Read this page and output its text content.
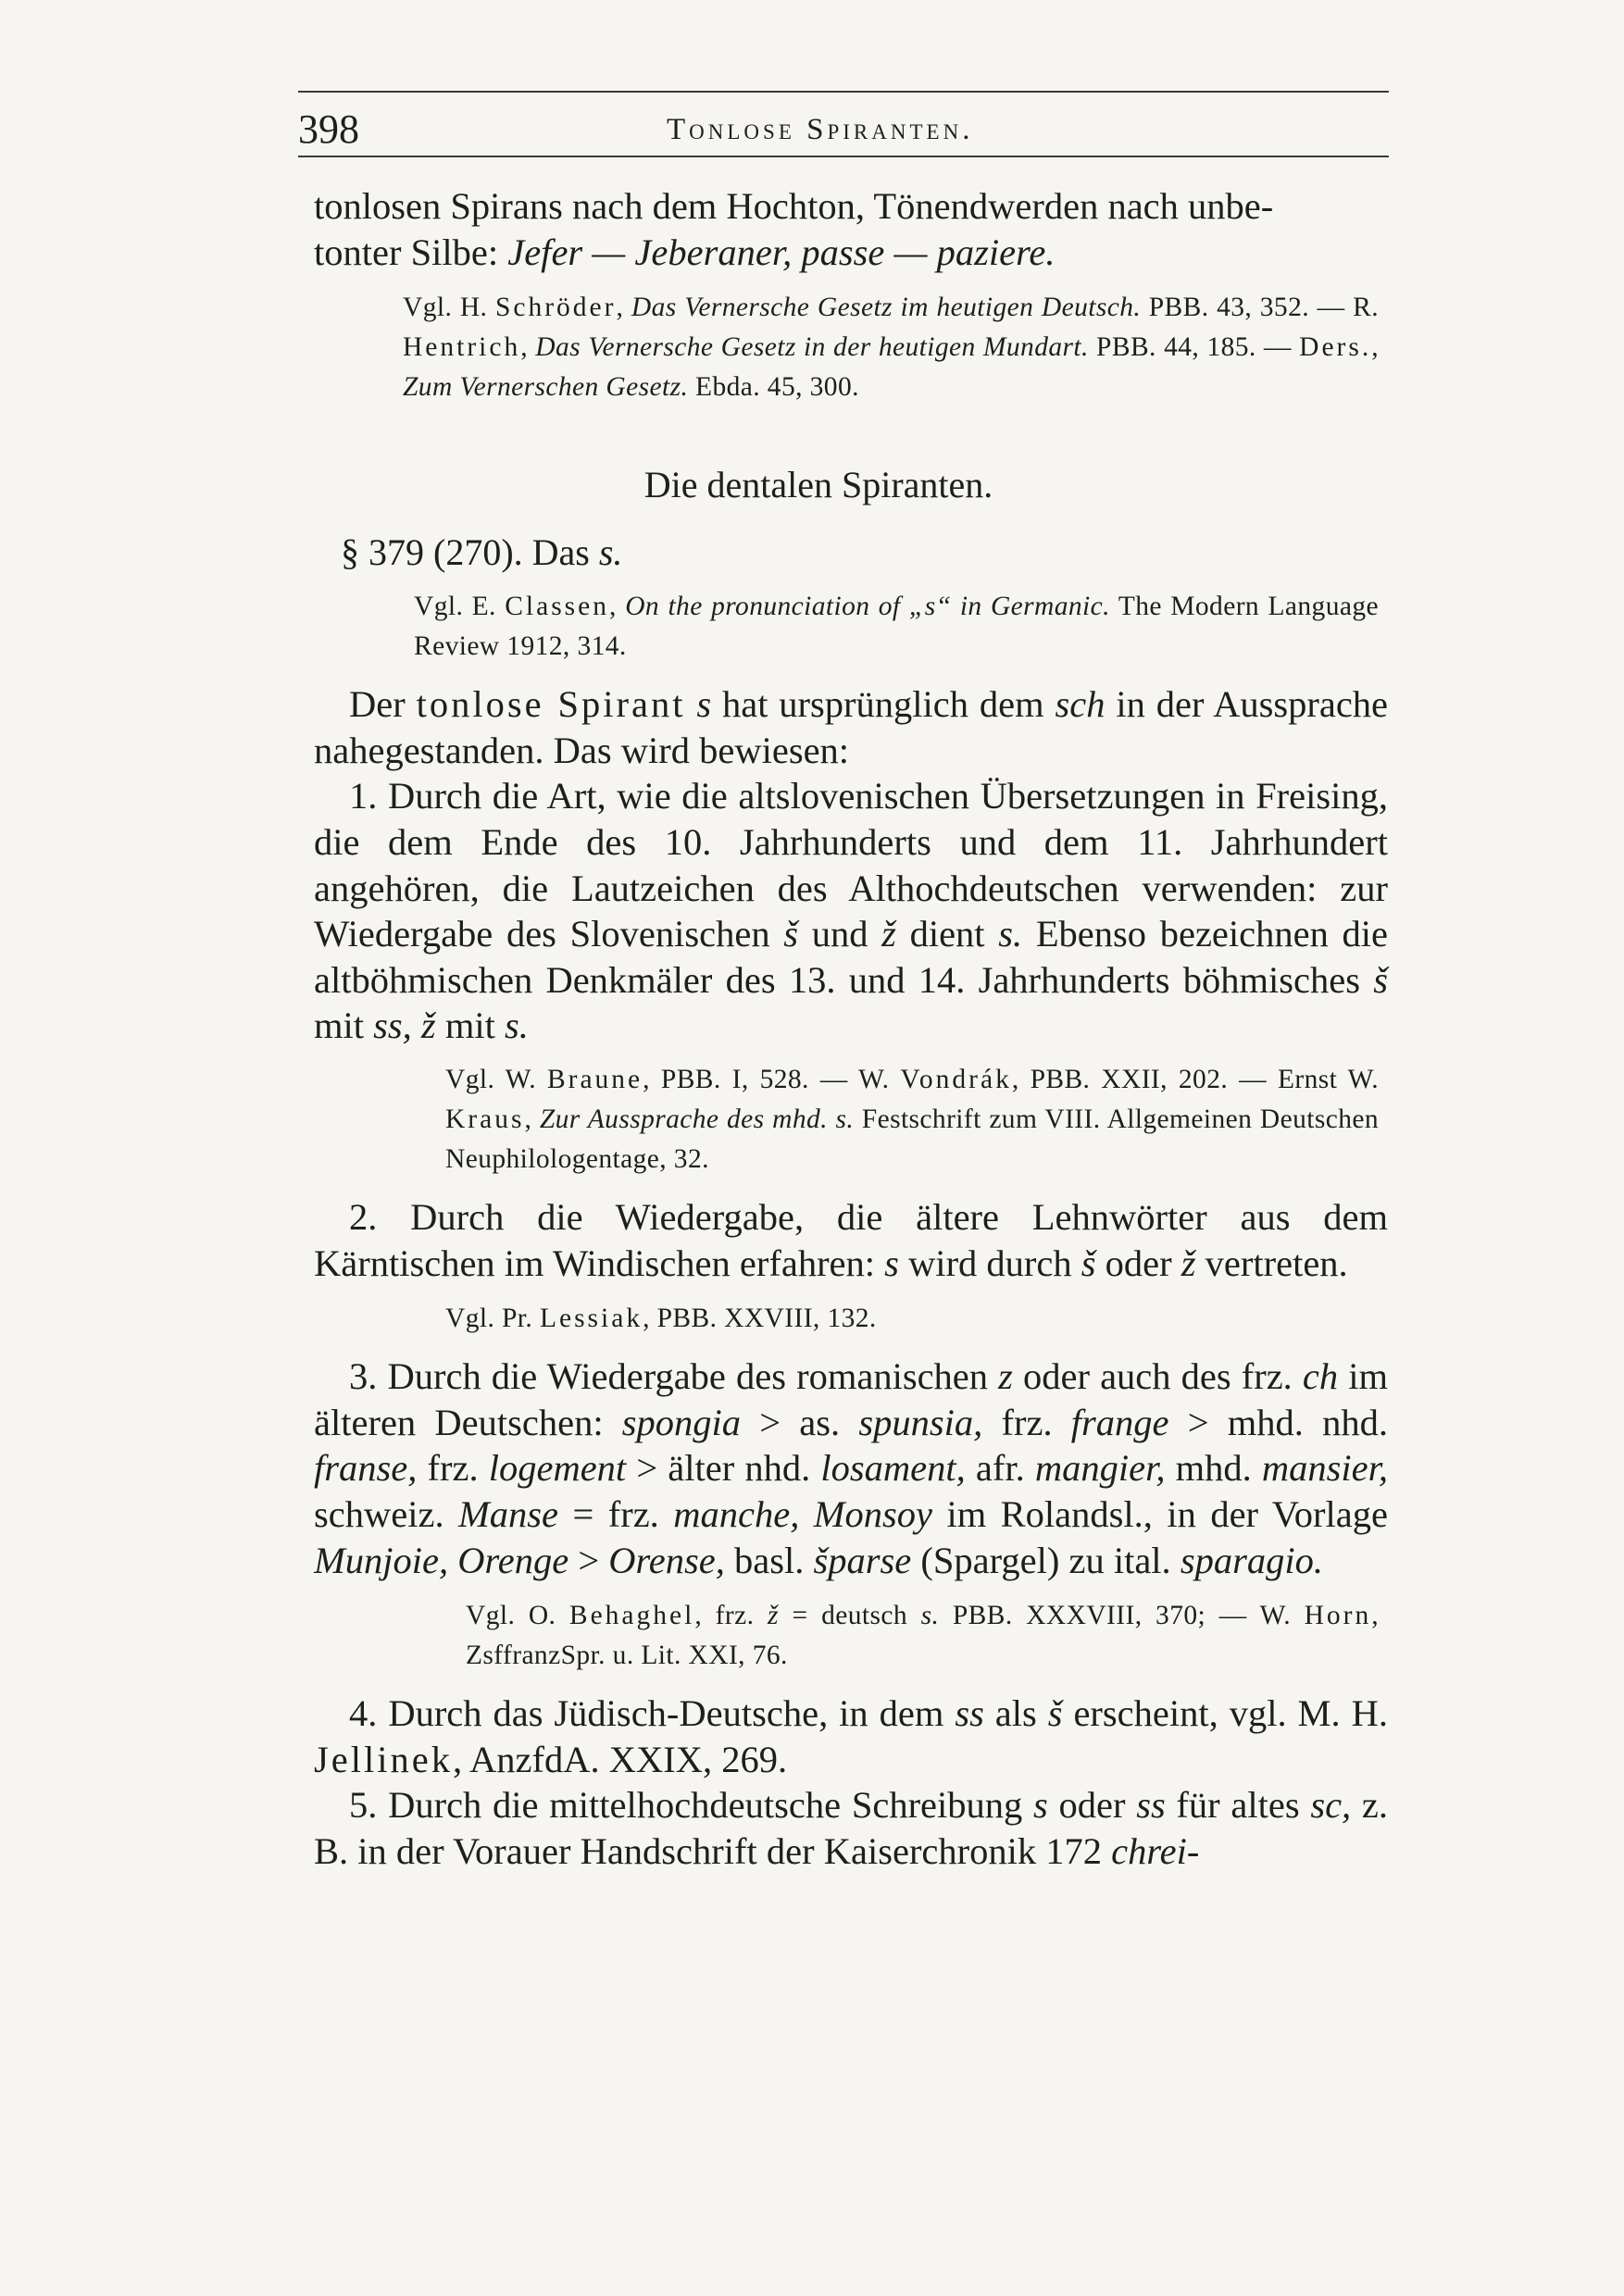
398	Tonlose Spiranten.

tonlosen Spirans nach dem Hochton, Tönendwerden nach unbe-
tonter Silbe: Jefer — Jeberaner, passe — paziere.

Vgl. H. Schröder, Das Vernersche Gesetz im heutigen Deutsch. PBB. 43, 352. — R. Hentrich, Das Vernersche Gesetz in der heutigen Mundart. PBB. 44, 185. — Ders., Zum Vernerschen Gesetz. Ebda. 45, 300.

Die dentalen Spiranten.
§ 379 (270). Das s.

Vgl. E. Classen, On the pronunciation of „s“ in Germanic. The Modern Language Review 1912, 314.

Der tonlose Spirant s hat ursprünglich dem sch in der Aussprache nahegestanden. Das wird bewiesen:

1. Durch die Art, wie die altslovenischen Übersetzungen in Freising, die dem Ende des 10. Jahrhunderts und dem 11. Jahrhundert angehören, die Lautzeichen des Althochdeutschen verwenden: zur Wiedergabe des Slovenischen š und ž dient s. Ebenso bezeichnen die altböhmischen Denkmäler des 13. und 14. Jahrhunderts böhmisches š mit ss, ž mit s.

Vgl. W. Braune, PBB. I, 528. — W. Vondrák, PBB. XXII, 202. — Ernst W. Kraus, Zur Aussprache des mhd. s. Festschrift zum VIII. Allgemeinen Deutschen Neuphilologentage, 32.

2. Durch die Wiedergabe, die ältere Lehnwörter aus dem Kärntischen im Windischen erfahren: s wird durch š oder ž vertreten.

Vgl. Pr. Lessiak, PBB. XXVIII, 132.

3. Durch die Wiedergabe des romanischen z oder auch des frz. ch im älteren Deutschen: spongia > as. spunsia, frz. frange > mhd. nhd. franse, frz. logement > älter nhd. losament, afr. mangier, mhd. mansier, schweiz. Manse = frz. manche, Monsoy im Rolandsl., in der Vorlage Munjoie, Orenge > Orense, basl. šparse (Spargel) zu ital. sparagio.

Vgl. O. Behaghel, frz. ž = deutsch s. PBB. XXXVIII, 370; — W. Horn, ZsffranzSpr. u. Lit. XXI, 76.

4. Durch das Jüdisch-Deutsche, in dem ss als š erscheint, vgl. M. H. Jellinek, AnzfdA. XXIX, 269.

5. Durch die mittelhochdeutsche Schreibung s oder ss für altes sc, z. B. in der Vorauer Handschrift der Kaiserchronik 172 chrei-
